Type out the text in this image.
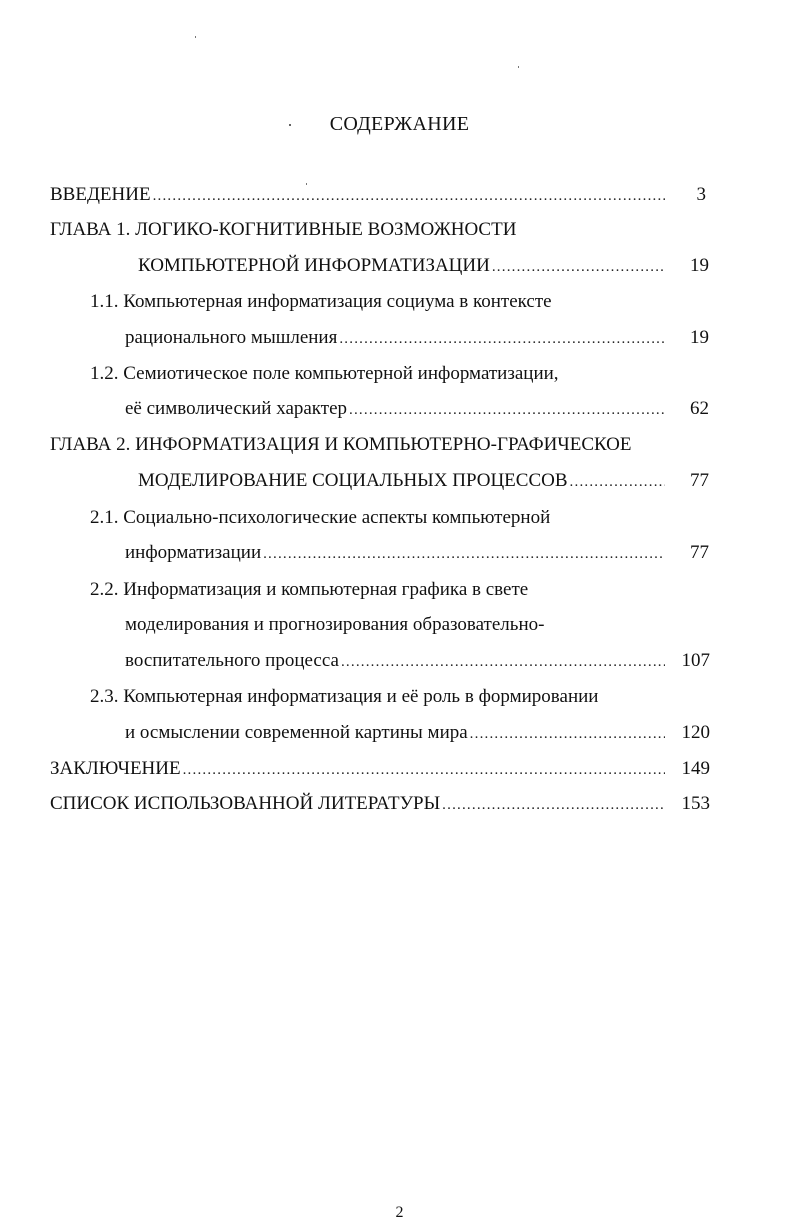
СОДЕРЖАНИЕ
ВВЕДЕНИЕ .....	3
ГЛАВА 1. ЛОГИКО-КОГНИТИВНЫЕ ВОЗМОЖНОСТИ
КОМПЬЮТЕРНОЙ ИНФОРМАТИЗАЦИИ .....	19
1.1. Компьютерная информатизация социума в контексте
рационального мышления .....	19
1.2. Семиотическое поле компьютерной информатизации,
её символический характер .....	62
ГЛАВА 2. ИНФОРМАТИЗАЦИЯ И КОМПЬЮТЕРНО-ГРАФИЧЕСКОЕ
МОДЕЛИРОВАНИЕ СОЦИАЛЬНЫХ ПРОЦЕССОВ .....	77
2.1. Социально-психологические аспекты компьютерной
информатизации .....	77
2.2. Информатизация и компьютерная графика в свете
моделирования и прогнозирования образовательно-
воспитательного процесса .....	107
2.3. Компьютерная информатизация и её роль в формировании
и осмыслении современной картины мира .....	120
ЗАКЛЮЧЕНИЕ .....	149
СПИСОК ИСПОЛЬЗОВАННОЙ ЛИТЕРАТУРЫ .....	153
2
